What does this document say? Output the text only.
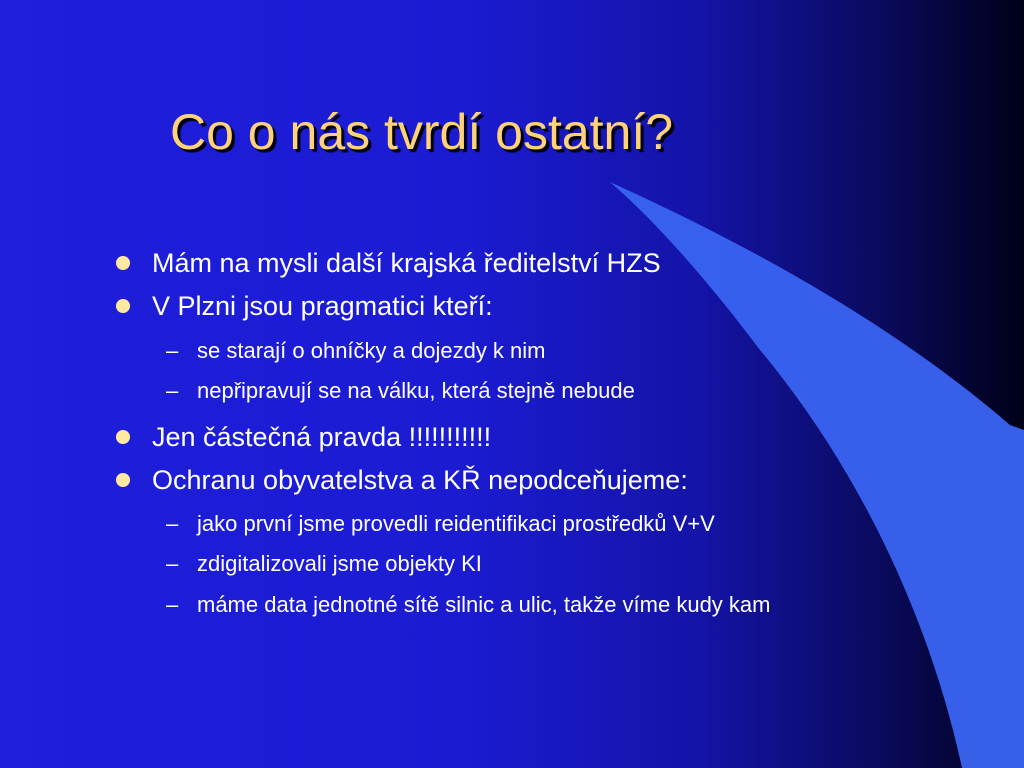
Co o nás tvrdí ostatní?
Mám na mysli další krajská ředitelství HZS
V Plzni jsou pragmatici kteří:
– se starají o ohníčky a dojezdy k nim
– nepřipravují se na válku, která stejně nebude
Jen částečná pravda !!!!!!!!!!!
Ochranu obyvatelstva a KŘ nepodceňujeme:
– jako první jsme provedli reidentifikaci prostředků V+V
– zdigitalizovali jsme objekty KI
– máme data jednotné sítě silnic a ulic, takže víme kudy kam
